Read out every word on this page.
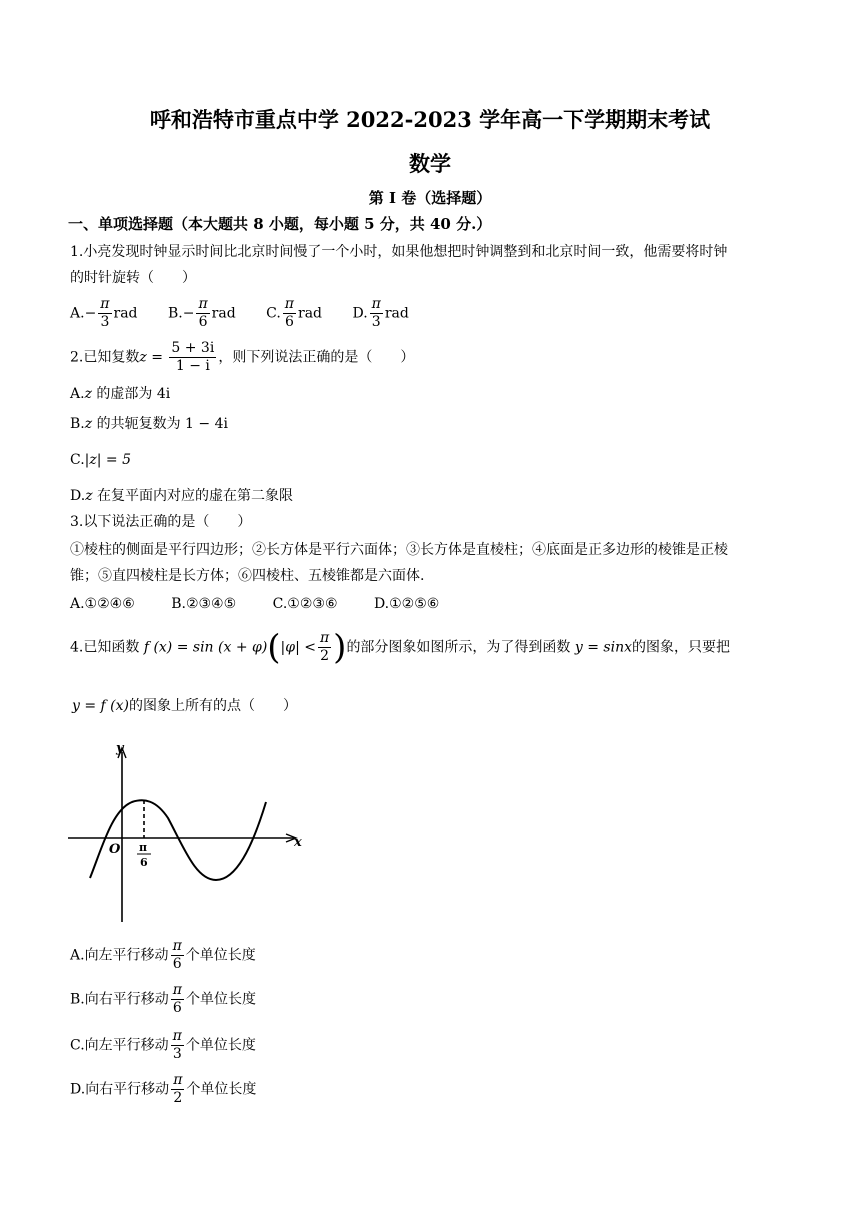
呼和浩特市重点中学 2022-2023 学年高一下学期期末考试
数学
第 I 卷（选择题）
一、单项选择题（本大题共 8 小题，每小题 5 分，共 40 分.）
1.小亮发现时钟显示时间比北京时间慢了一个小时，如果他想把时钟调整到和北京时间一致，他需要将时钟
的时针旋转（　　）
$A.- \frac{\pi}{3}$ rad $B.- \frac{\pi}{6}$ rad C. $\frac{\pi}{6}$ rad D. $\frac{\pi}{3}$ rad
2.已知复数$z = \frac{5 + 3i}{1 - i}$ ，则下列说法正确的是（　　）
A.z 的虚部为 4i
B.z 的共轭复数为 1 − 4i
C.|z| = 5
D.z 在复平面内对应的虚在第二象限
3.以下说法正确的是（　　）
①棱柱的侧面是平行四边形；②长方体是平行六面体；③长方体是直棱柱；④底面是正多边形的棱锥是正棱
锥；⑤直四棱柱是长方体；⑥四棱柱、五棱锥都是六面体.
A.①②④⑥	B.②③④⑤	C.①②③⑥	D.①②⑤⑥
4.已知函数 f $(x) = \sin (x + \varphi)(|\varphi| < \frac{\pi}{2}$ )的部分图象如图所示，为了得到函数 y = sinx的图象，只要把
y = f (x)的图象上所有的点（　　）
y
x
O π
6
A.向左平行移动 $\frac{\pi}{6}$ 个单位长度
B.向右平行移动 $\frac{\pi}{6}$ 个单位长度
C.向左平行移动 $\frac{\pi}{3}$ 个单位长度
D.向右平行移动 $\frac{\pi}{2}$ 个单位长度
